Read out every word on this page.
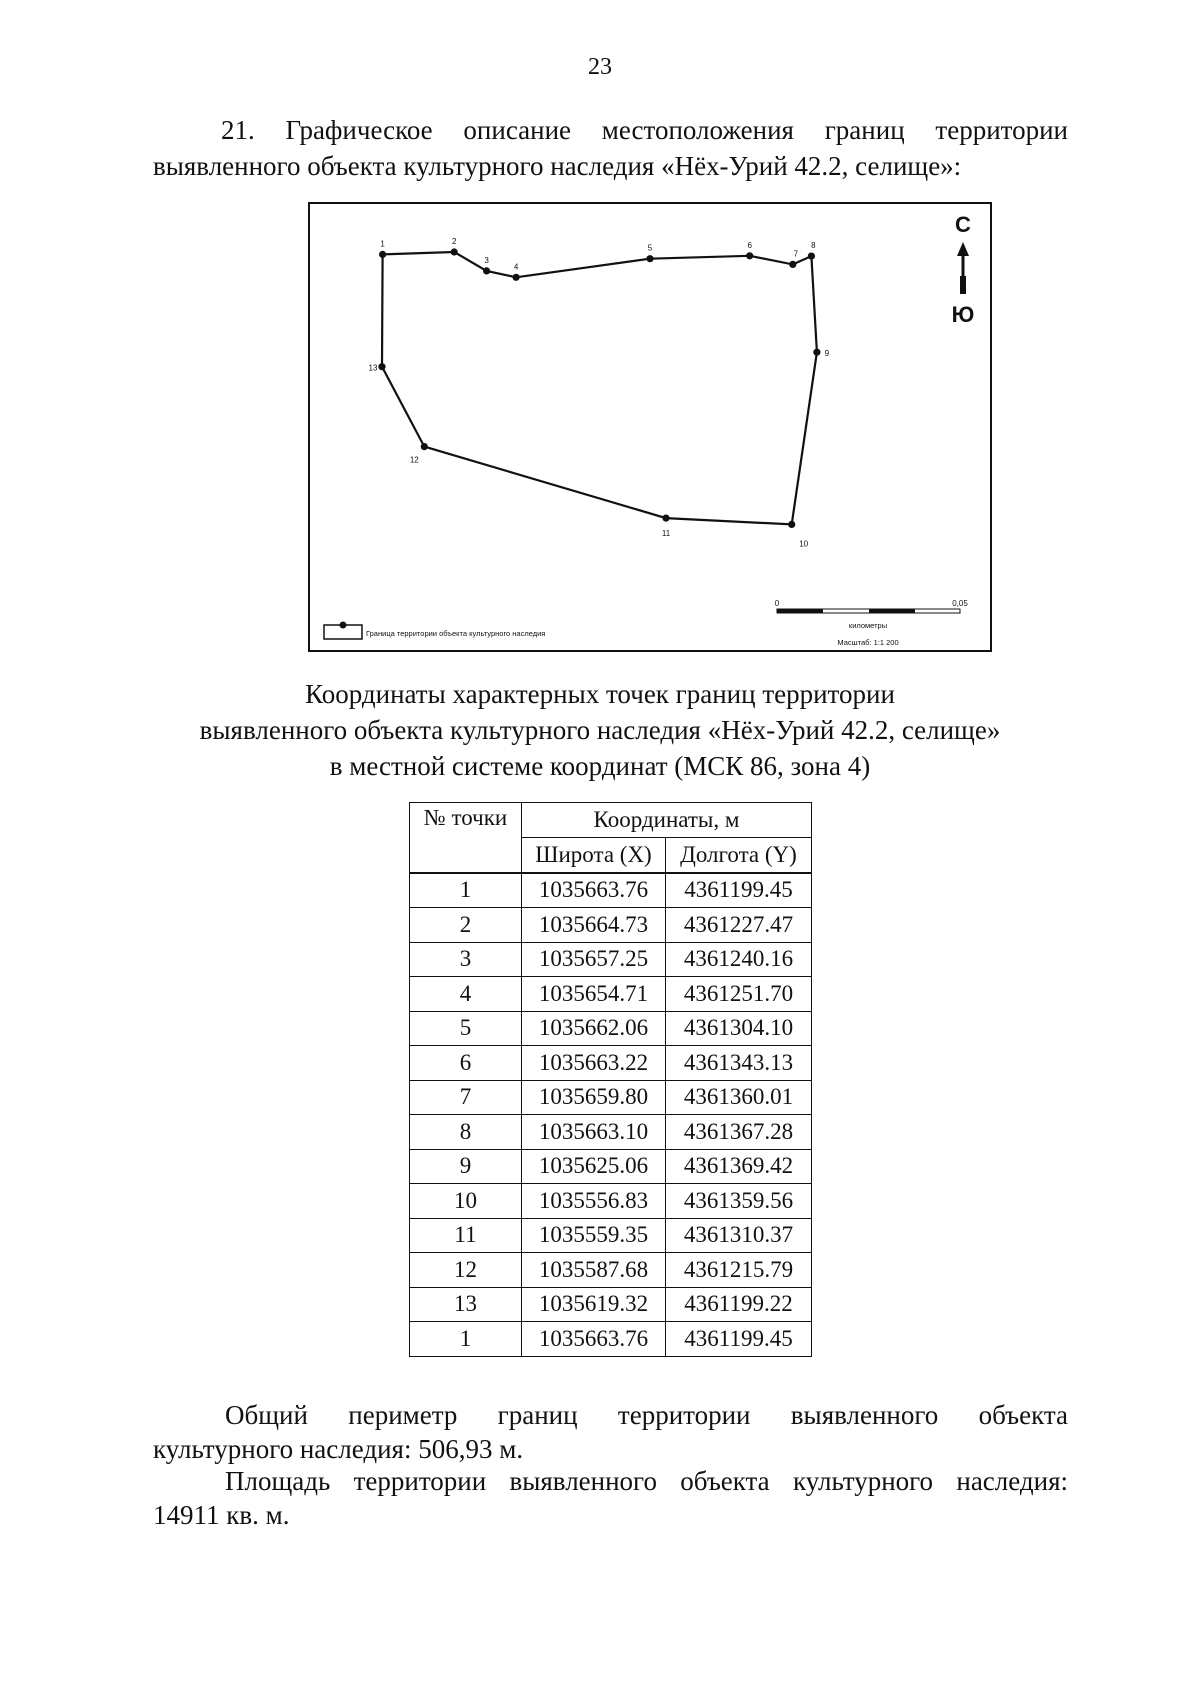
23
21. Графическое описание местоположения границ территории
выявленного объекта культурного наследия «Нёх-Урий 42.2, селище»:
1	2
3
4
5	6
7
8
9
10
11
12
13
С
Ю
Граница территории объекта культурного наследия
0	0,05
километры
Масштаб: 1:1 200
Координаты характерных точек границ территории
выявленного объекта культурного наследия «Нёх-Урий 42.2, селище»
в местной системе координат (МСК 86, зона 4)
№ точки	Координаты, м	
	Широта (X)	Долгота (Y)
1	1035663.76	4361199.45
2	1035664.73	4361227.47
3	1035657.25	4361240.16
4	1035654.71	4361251.70
5	1035662.06	4361304.10
6	1035663.22	4361343.13
7	1035659.80	4361360.01
8	1035663.10	4361367.28
9	1035625.06	4361369.42
10	1035556.83	4361359.56
11	1035559.35	4361310.37
12	1035587.68	4361215.79
13	1035619.32	4361199.22
1	1035663.76	4361199.45
Общий периметр границ территории выявленного объекта
культурного наследия: 506,93 м.
Площадь территории выявленного объекта культурного наследия:
14911 кв. м.
